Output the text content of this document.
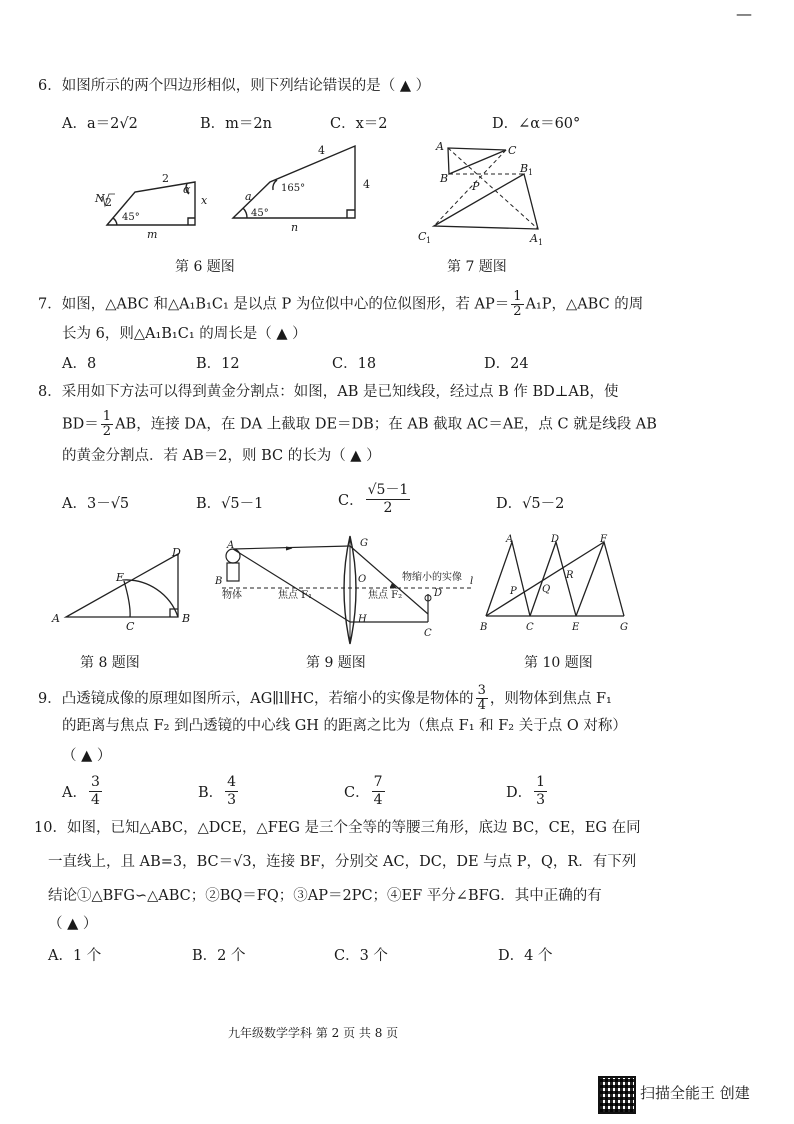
—
6．如图所示的两个四边形相似，则下列结论错误的是（ ▲ ）
A．a＝2√2	B．m＝2n	C．x＝2	D．∠α＝60°
N 2
45°
2
α
x
m
a
45°
165°
4
4
n
第 6 题图
A	C
B
P
B 1
C 1	A 1
第 7 题图
7．如图，△ABC 和△A₁B₁C₁ 是以点 P 为位似中心的位似图形，若 $AP= \frac{1}{2} A_1P$，△ABC 的周
长为 6，则△A₁B₁C₁ 的周长是（ ▲ ）
A．8	B．12	C．18	D．24
8．采用如下方法可以得到黄金分割点：如图，AB 是已知线段，经过点 B 作 BD⊥AB，使
$BD= \frac{1}{2}$ AB，连接 DA，在 DA 上截取 DE＝DB；在 AB 截取 AC＝AE，点 C 就是线段 AB
的黄金分割点．若 AB＝2，则 BC 的长为（ ▲ ）
A．3－√5	B．√5－1	C． $\frac{√5-1}{2}$	D．√5－2
A	B
C
D
E
第 8 题图
A
B
物体	焦点 F₁	焦点 F₂
物缩小的实像
O
G
H
C
D
l
第 9 题图
A	D	F
B	C	E	G
P	Q
R
第 10 题图
9．凸透镜成像的原理如图所示，AG∥l∥HC，若缩小的实像是物体的 $\frac{3}{4}$ ，则物体到焦点 F₁
的距离与焦点 F₂ 到凸透镜的中心线 GH 的距离之比为（焦点 F₁ 和 F₂ 关于点 O 对称）
（ ▲ ）
A． $\frac{3}{4}$	B． $\frac{4}{3}$	C． $\frac{7}{4}$	D． $\frac{1}{3}$
10．如图，已知△ABC，△DCE，△FEG 是三个全等的等腰三角形，底边 BC，CE，EG 在同
一直线上，且 AB=3，BC＝√3，连接 BF，分别交 AC，DC，DE 与点 P，Q，R．有下列
结论①△BFG∽△ABC；②BQ＝FQ；③AP＝2PC；④EF 平分∠BFG．其中正确的有
（ ▲ ）
A．1 个	B．2 个	C．3 个	D．4 个
九年级数学学科 第 2 页 共 8 页
扫描全能王 创建
